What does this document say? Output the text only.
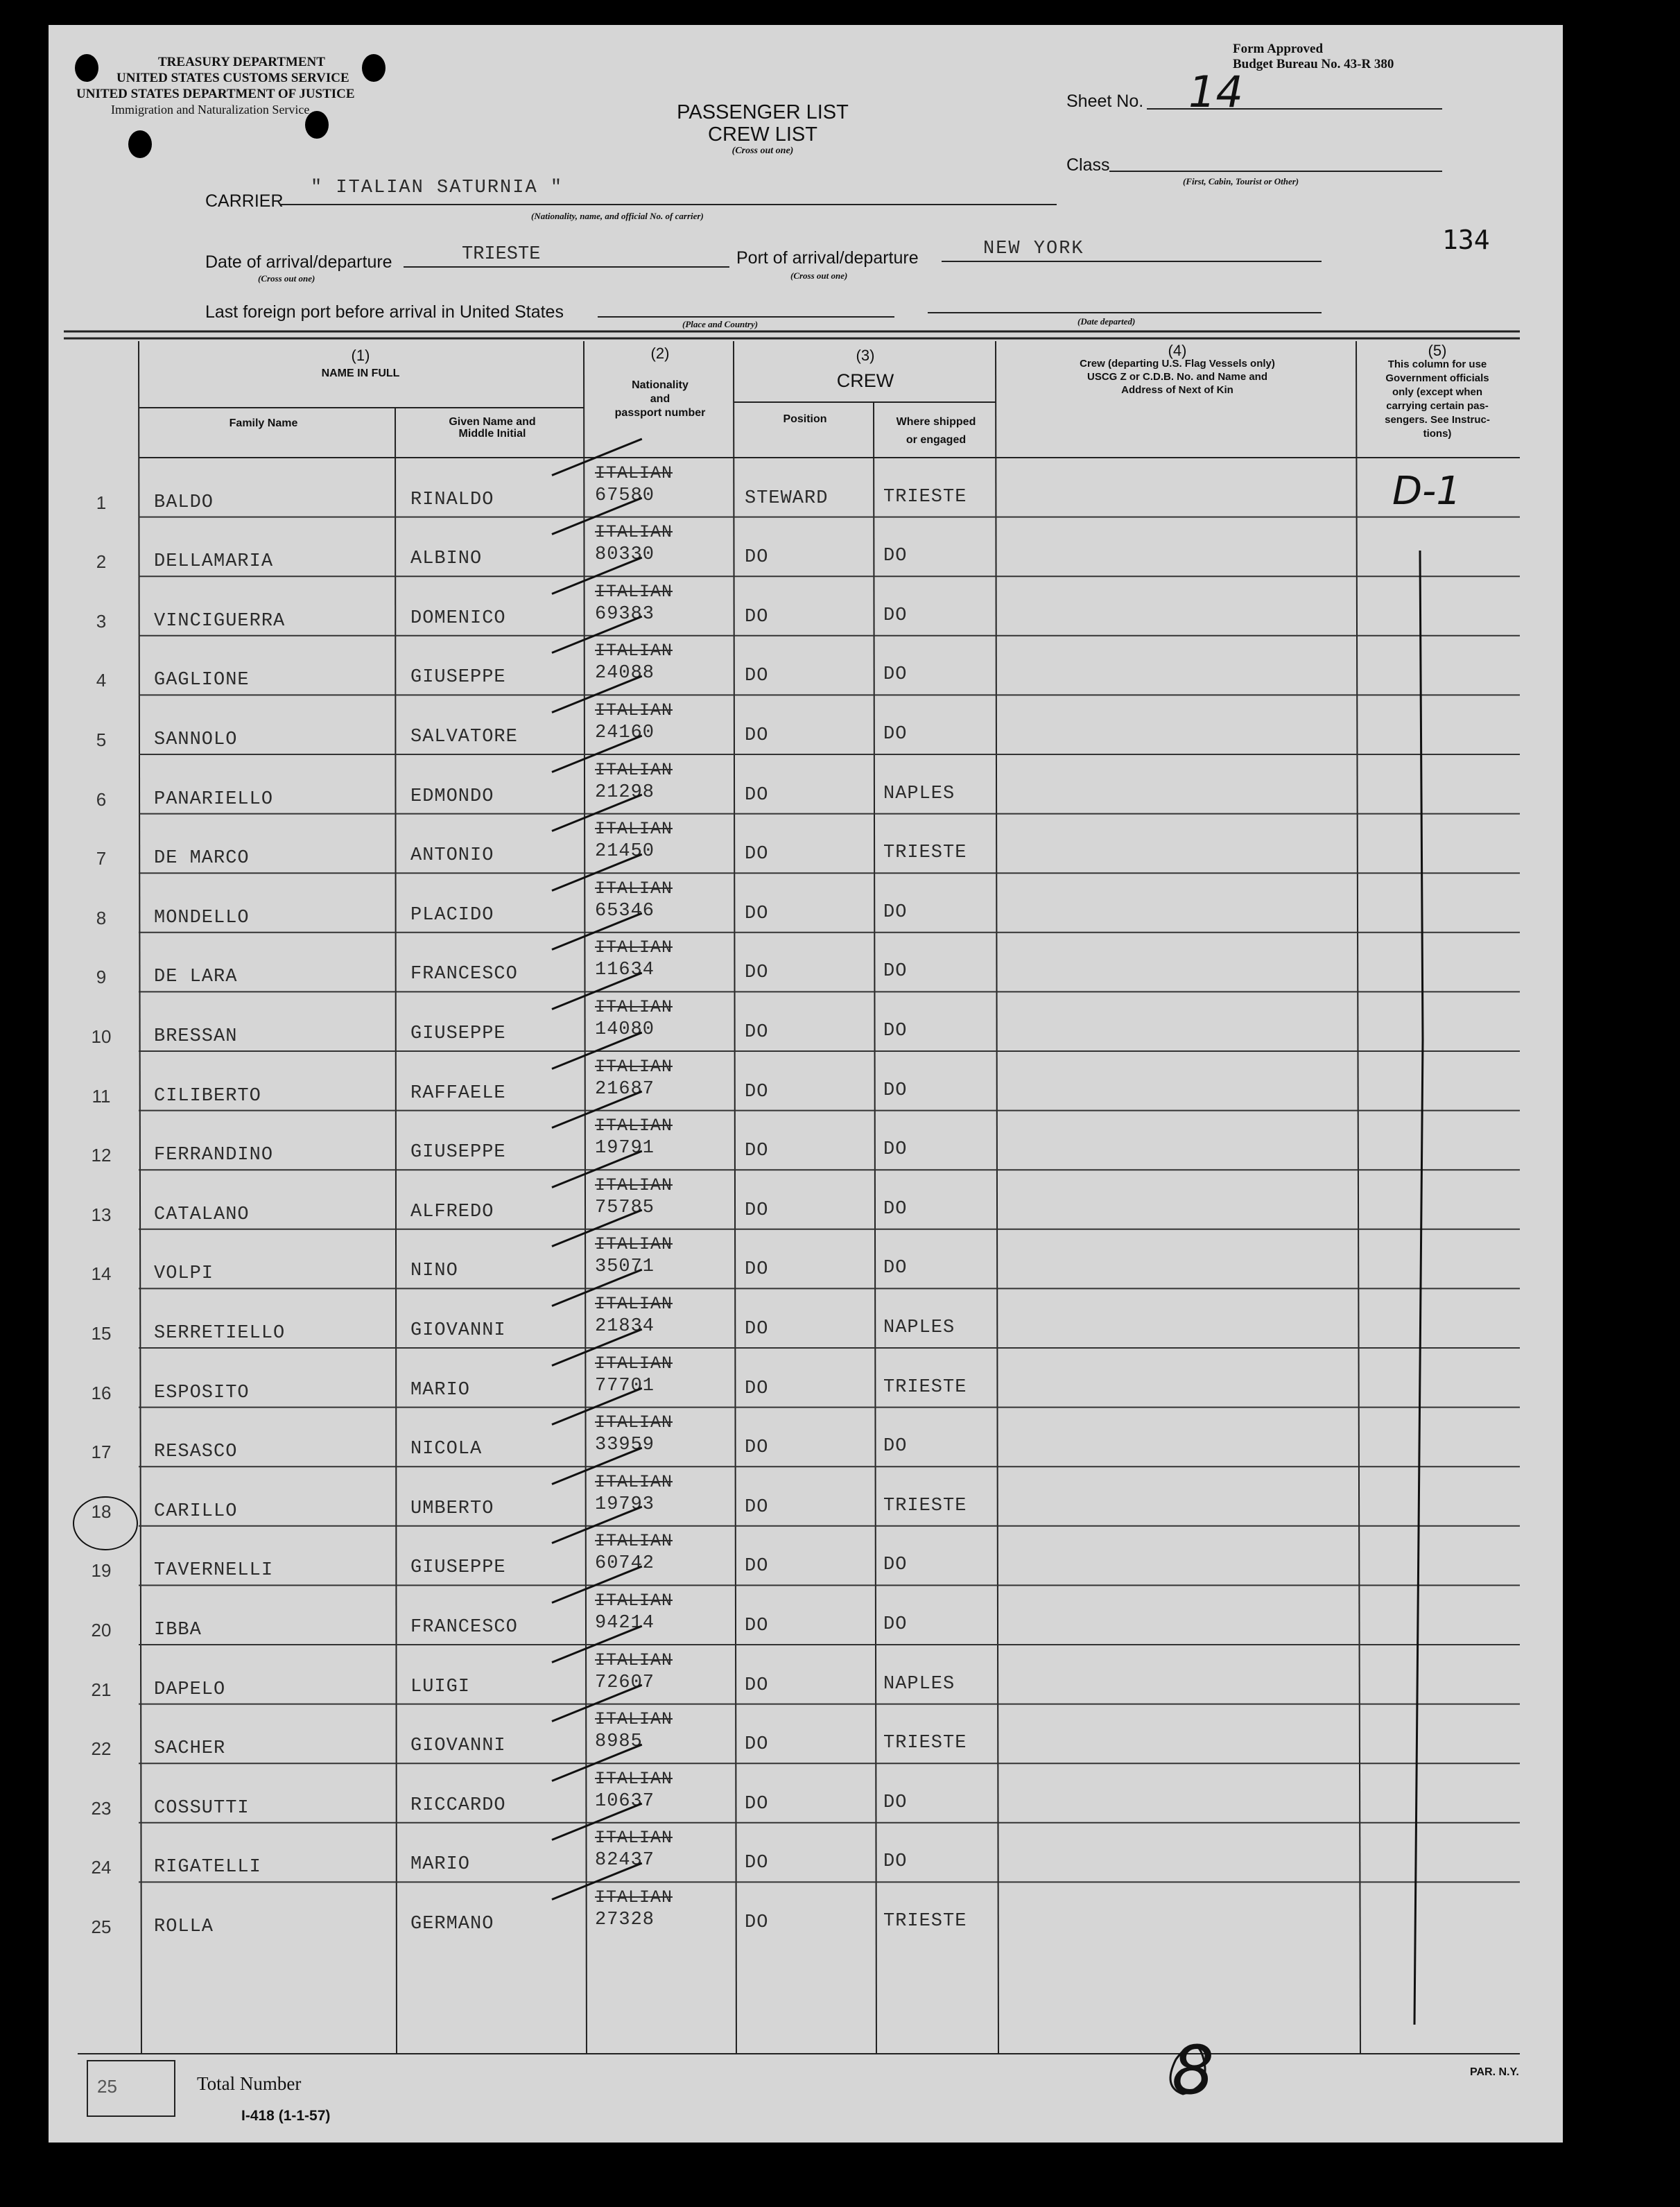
TREASURY DEPARTMENT
UNITED STATES CUSTOMS SERVICE
UNITED STATES DEPARTMENT OF JUSTICE
Immigration and Naturalization Service	PASSENGER LIST
CREW LIST
(Cross out one)
Form Approved
Budget Bureau No. 43-R 380
Sheet No. 14
Class
(First, Cabin, Tourist or Other)
CARRIER
" ITALIAN SATURNIA "
(Nationality, name, and official No. of carrier)
134
Date of arrival/departure	TRIESTE
(Cross out one)
Port of arrival/departure	NEW YORK
(Cross out one)
Last foreign port before arrival in United States
(Place and Country)	(Date departed)
(1)
NAME IN FULL
Family Name	Given Name and
Middle Initial
(2)
Nationality
and
passport number
(3)
CREW
Position	Where shipped
or engaged
(4)
Crew (departing U.S. Flag Vessels only)
USCG Z or C.D.B. No. and Name and
Address of Next of Kin
(5)
This column for use
Government officials
only (except when
carrying certain pas-
sengers. See Instruc-
tions)
D-1
1	BALDO	RINALDO
ITALIAN
67580	STEWARD	TRIESTE
2	DELLAMARIA	ALBINO
ITALIAN
80330	DO	DO
3	VINCIGUERRA	DOMENICO
ITALIAN
69383	DO	DO
4	GAGLIONE	GIUSEPPE
ITALIAN
24088	DO	DO
5	SANNOLO	SALVATORE
ITALIAN
24160	DO	DO
6	PANARIELLO	EDMONDO
ITALIAN
21298	DO	NAPLES
7	DE MARCO	ANTONIO
ITALIAN
21450	DO	TRIESTE
8	MONDELLO	PLACIDO
ITALIAN
65346	DO	DO
9	DE LARA	FRANCESCO
ITALIAN
11634	DO	DO
10	BRESSAN	GIUSEPPE
ITALIAN
14080	DO	DO
11	CILIBERTO	RAFFAELE
ITALIAN
21687	DO	DO
12	FERRANDINO	GIUSEPPE
ITALIAN
19791	DO	DO
13	CATALANO	ALFREDO
ITALIAN
75785	DO	DO
14	VOLPI	NINO
ITALIAN
35071	DO	DO
15	SERRETIELLO	GIOVANNI
ITALIAN
21834	DO	NAPLES
16	ESPOSITO	MARIO
ITALIAN
77701	DO	TRIESTE
17	RESASCO	NICOLA
ITALIAN
33959	DO	DO
18	CARILLO	UMBERTO
ITALIAN
19793	DO	TRIESTE
19	TAVERNELLI	GIUSEPPE
ITALIAN
60742	DO	DO
20	IBBA	FRANCESCO
ITALIAN
94214	DO	DO
21	DAPELO	LUIGI
ITALIAN
72607	DO	NAPLES
22	SACHER	GIOVANNI
ITALIAN
8985	DO	TRIESTE
23	COSSUTTI	RICCARDO
ITALIAN
10637	DO	DO
24	RIGATELLI	MARIO
ITALIAN
82437	DO	DO
25	ROLLA	GERMANO
ITALIAN
27328	DO	TRIESTE
25	Total Number
I-418 (1-1-57)
8	PAR. N.Y.
